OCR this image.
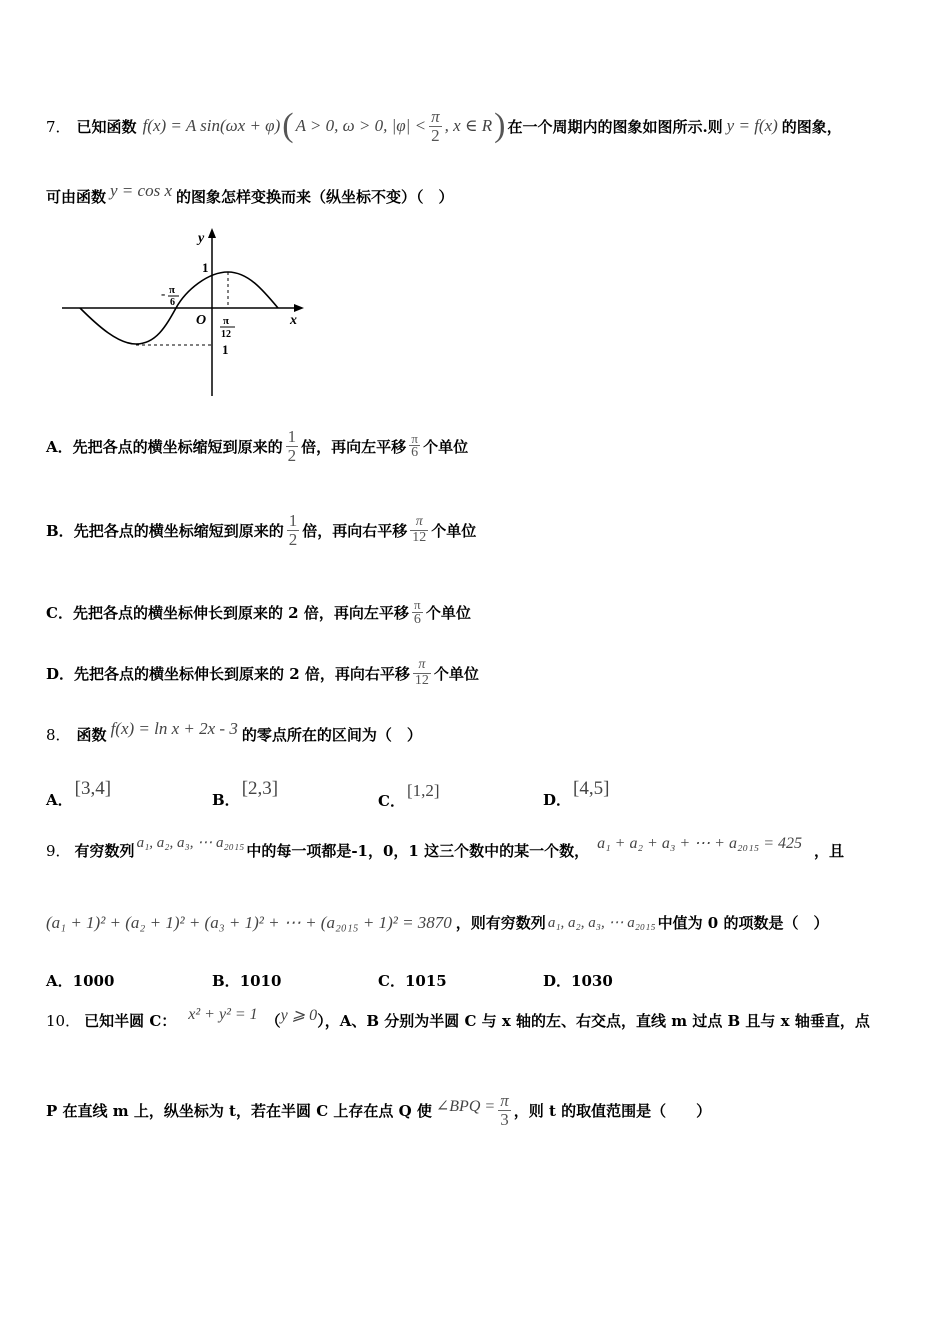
7． 已知函数 f(x) = A sin(ωx + φ) ( A > 0, ω > 0, $|\varphi| < \frac{\pi}{2}$ , x ∈ R ) 在一个周期内的图象如图所示.则 y = f(x) 的图象，
可由函数 y = cos x 的图象怎样变换而来（纵坐标不变）（　）
y
x
O
1
- π
6
π
12
1
A． 先把各点的横坐标缩短到原来的 $\frac{1}{2}$ 倍，再向左平移 $\frac{\pi}{6}$ 个单位
B． 先把各点的横坐标缩短到原来的 $\frac{1}{2}$ 倍，再向右平移 $\frac{\pi}{12}$ 个单位
C． 先把各点的横坐标伸长到原来的 2 倍，再向左平移 $\frac{\pi}{6}$ 个单位
D． 先把各点的横坐标伸长到原来的 2 倍，再向右平移 $\frac{\pi}{12}$ 个单位
8． 函数 f(x) = ln x + 2x - 3 的零点所在的区间为（　）
A．
[3,4]
B．
[2,3]
C．
[1,2]	D．
[4,5]
9． 有穷数列 a₁, a₂, a₃, ⋯ a₂₀₁₅ 中的每一项都是-1，0，1 这三个数中的某一个数， a₁ + a₂ + a₃ + ⋯ + a₂₀₁₅ = 425 ，且
(a₁ + 1)² + (a₂ + 1)² + (a₃ + 1)² + ⋯ + (a₂₀₁₅ + 1)² = 3870 ，则有穷数列 a₁, a₂, a₃, ⋯ a₂₀₁₅ 中值为 0 的项数是（　）
A． 1000	B． 1010	C． 1015	D． 1030
10． 已知半圆 C： x² + y² = 1 （ y ⩾ 0 ），A、B 分别为半圆 C 与 x 轴的左、右交点，直线 m 过点 B 且与 x 轴垂直，点
P 在直线 m 上，纵坐标为 t，若在半圆 C 上存在点 Q 使 ∠BPQ = $\frac{\pi}{3}$ ，则 t 的取值范围是（　　）
